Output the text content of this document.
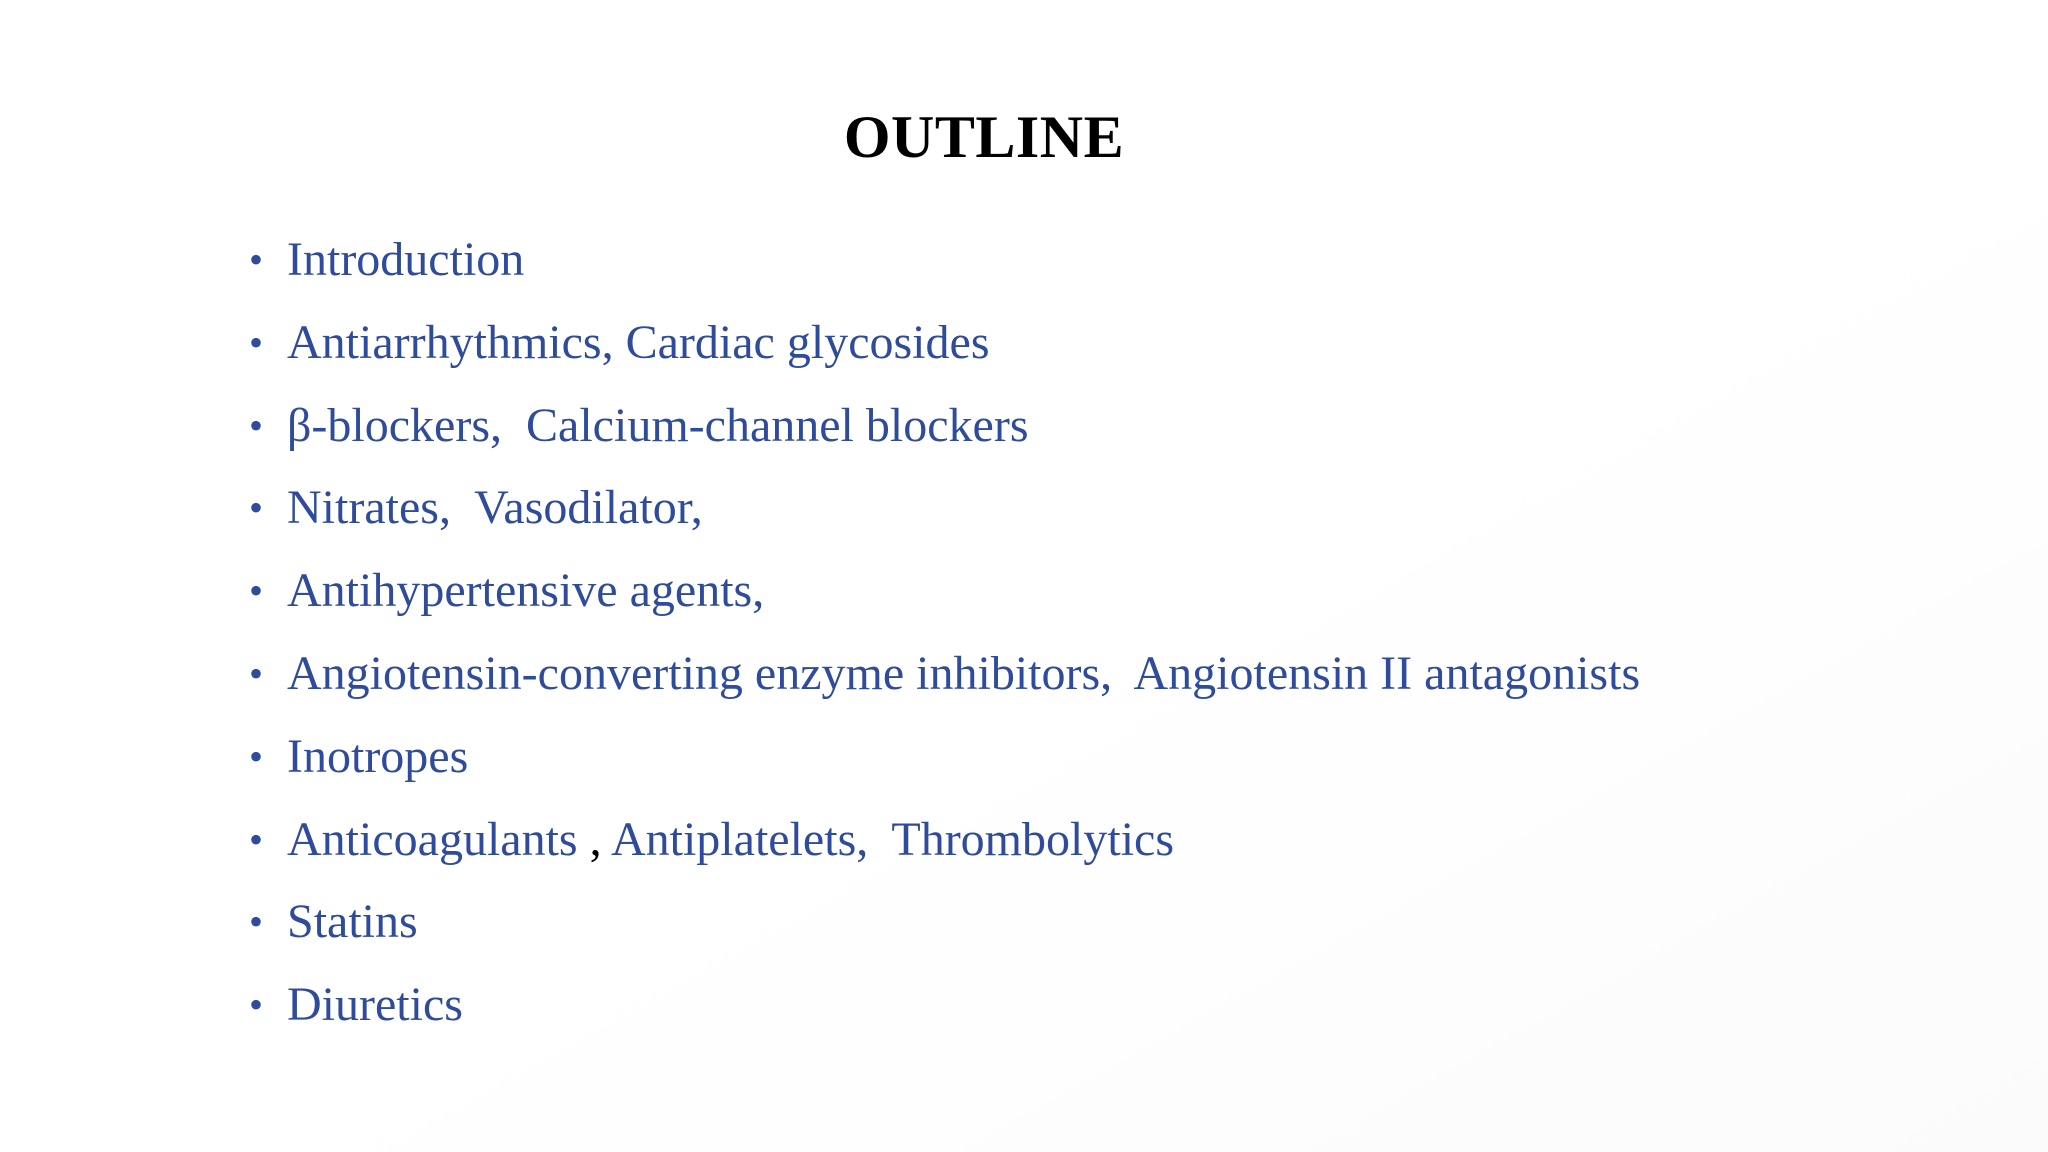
OUTLINE
• Introduction
• Antiarrhythmics, Cardiac glycosides
• β-blockers,  Calcium-channel blockers
• Nitrates,  Vasodilator,
• Antihypertensive agents,
• Angiotensin-converting enzyme inhibitors,  Angiotensin II antagonists
• Inotropes
• Anticoagulants , Antiplatelets,  Thrombolytics
• Statins
• Diuretics
